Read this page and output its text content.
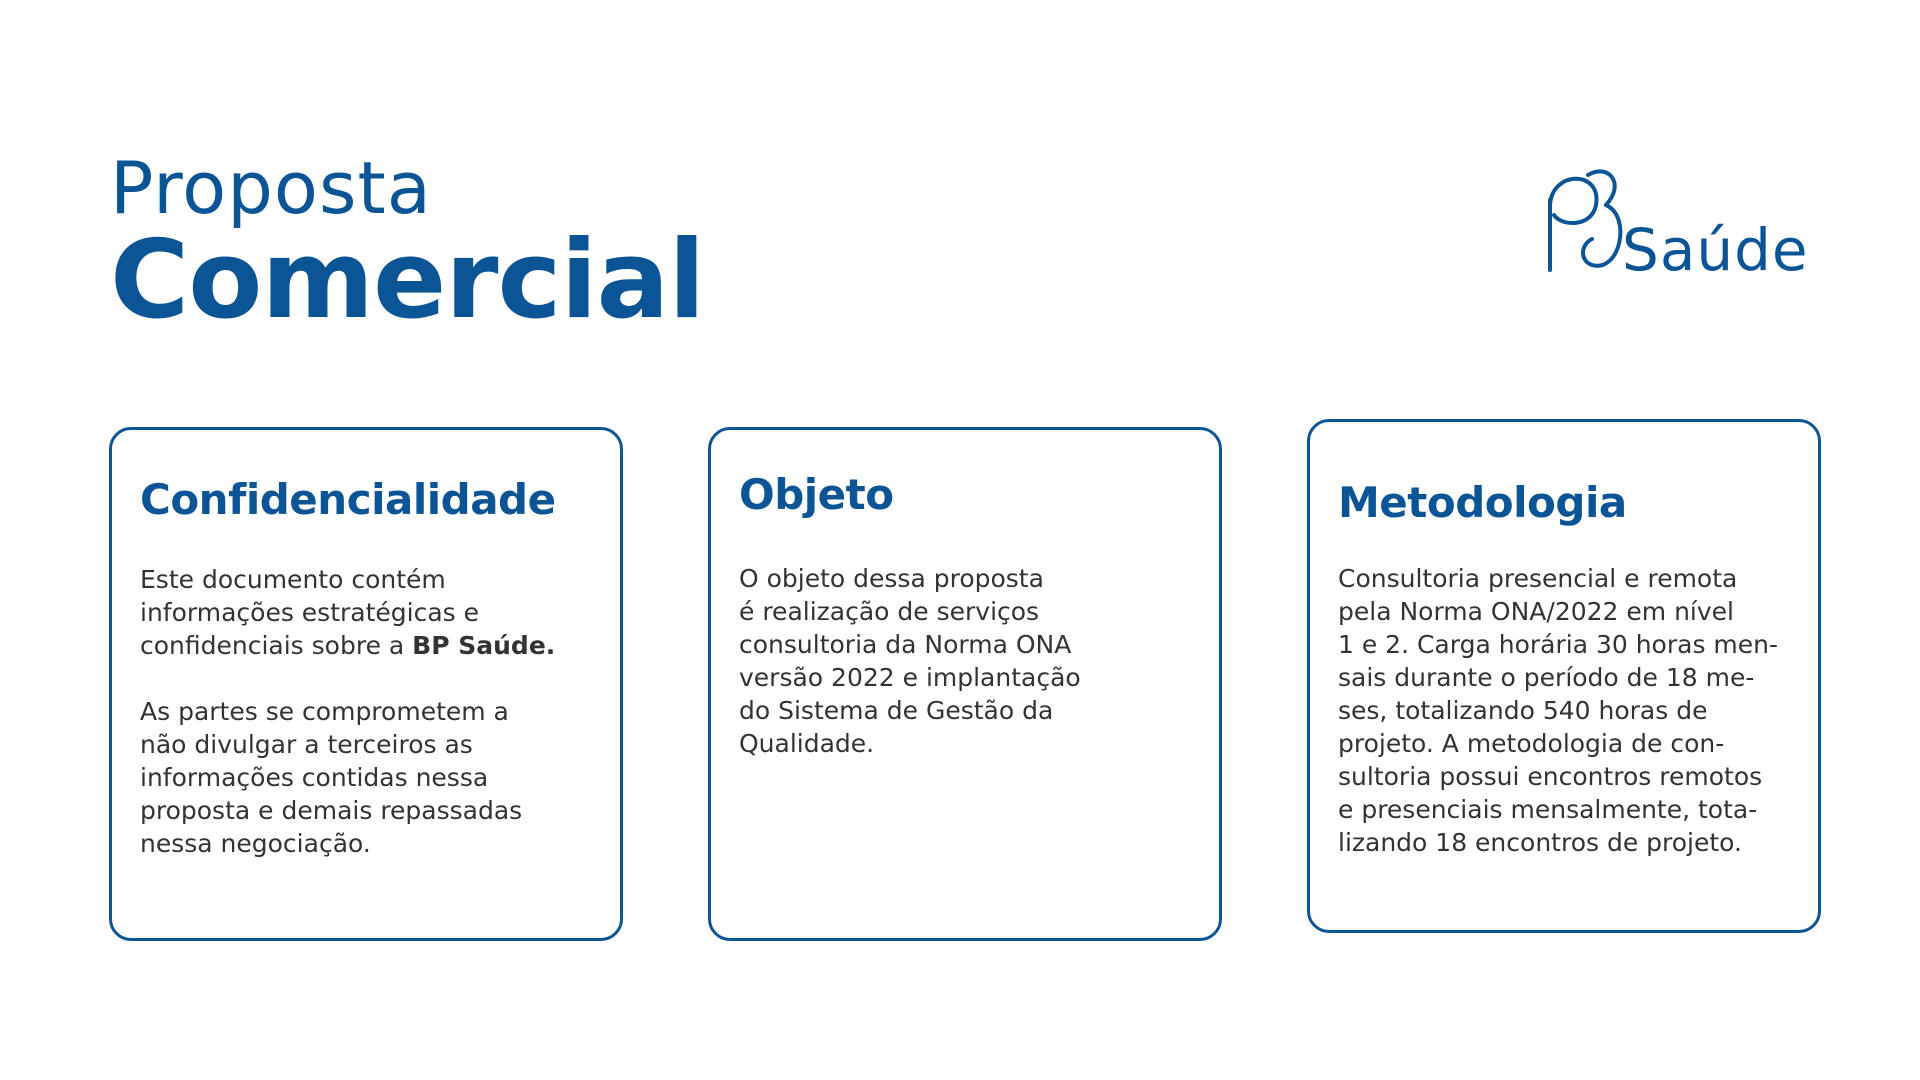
Proposta
Comercial	Saúde
Confidencialidade
Este documento contém
informações estratégicas e
confidenciais sobre a BP Saúde.
As partes se comprometem a
não divulgar a terceiros as
informações contidas nessa
proposta e demais repassadas
nessa negociação.
Objeto
O objeto dessa proposta
é realização de serviços
consultoria da Norma ONA
versão 2022 e implantação
do Sistema de Gestão da
Qualidade.
Metodologia
Consultoria presencial e remota
pela Norma ONA/2022 em nível
1 e 2. Carga horária 30 horas men-
sais durante o período de 18 me-
ses, totalizando 540 horas de
projeto. A metodologia de con-
sultoria possui encontros remotos
e presenciais mensalmente, tota-
lizando 18 encontros de projeto.
